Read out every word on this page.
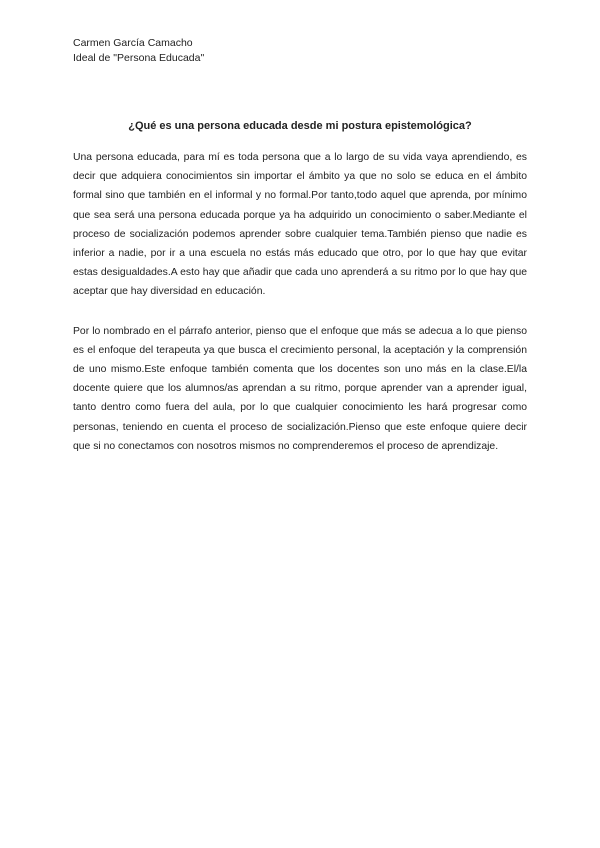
Carmen García Camacho
Ideal de "Persona Educada"
¿Qué es una persona educada desde mi postura epistemológica?

Una persona educada, para mí es toda persona que a lo largo de su vida vaya aprendiendo, es decir que adquiera conocimientos sin importar el ámbito ya que no solo se educa en el ámbito formal sino que también en el informal y no formal.Por tanto,todo aquel que aprenda, por mínimo que sea será una persona educada porque ya ha adquirido un conocimiento o saber.Mediante el proceso de socialización podemos aprender sobre cualquier tema.También pienso que nadie es inferior a nadie, por ir a una escuela no estás más educado que otro, por lo que hay que evitar estas desigualdades.A esto hay que añadir que cada uno aprenderá a su ritmo por lo que hay que aceptar que hay diversidad en educación.

Por lo nombrado en el párrafo anterior, pienso que el enfoque que más se adecua a lo que pienso es el enfoque del terapeuta ya que busca el crecimiento personal, la aceptación y la comprensión de uno mismo.Este enfoque también comenta que los docentes son uno más en la clase.El/la docente quiere que los alumnos/as aprendan a su ritmo, porque aprender van a aprender igual, tanto dentro como fuera del aula, por lo que cualquier conocimiento les hará progresar como personas, teniendo en cuenta el proceso de socialización.Pienso que este enfoque quiere decir que si no conectamos con nosotros mismos no comprenderemos el proceso de aprendizaje.
